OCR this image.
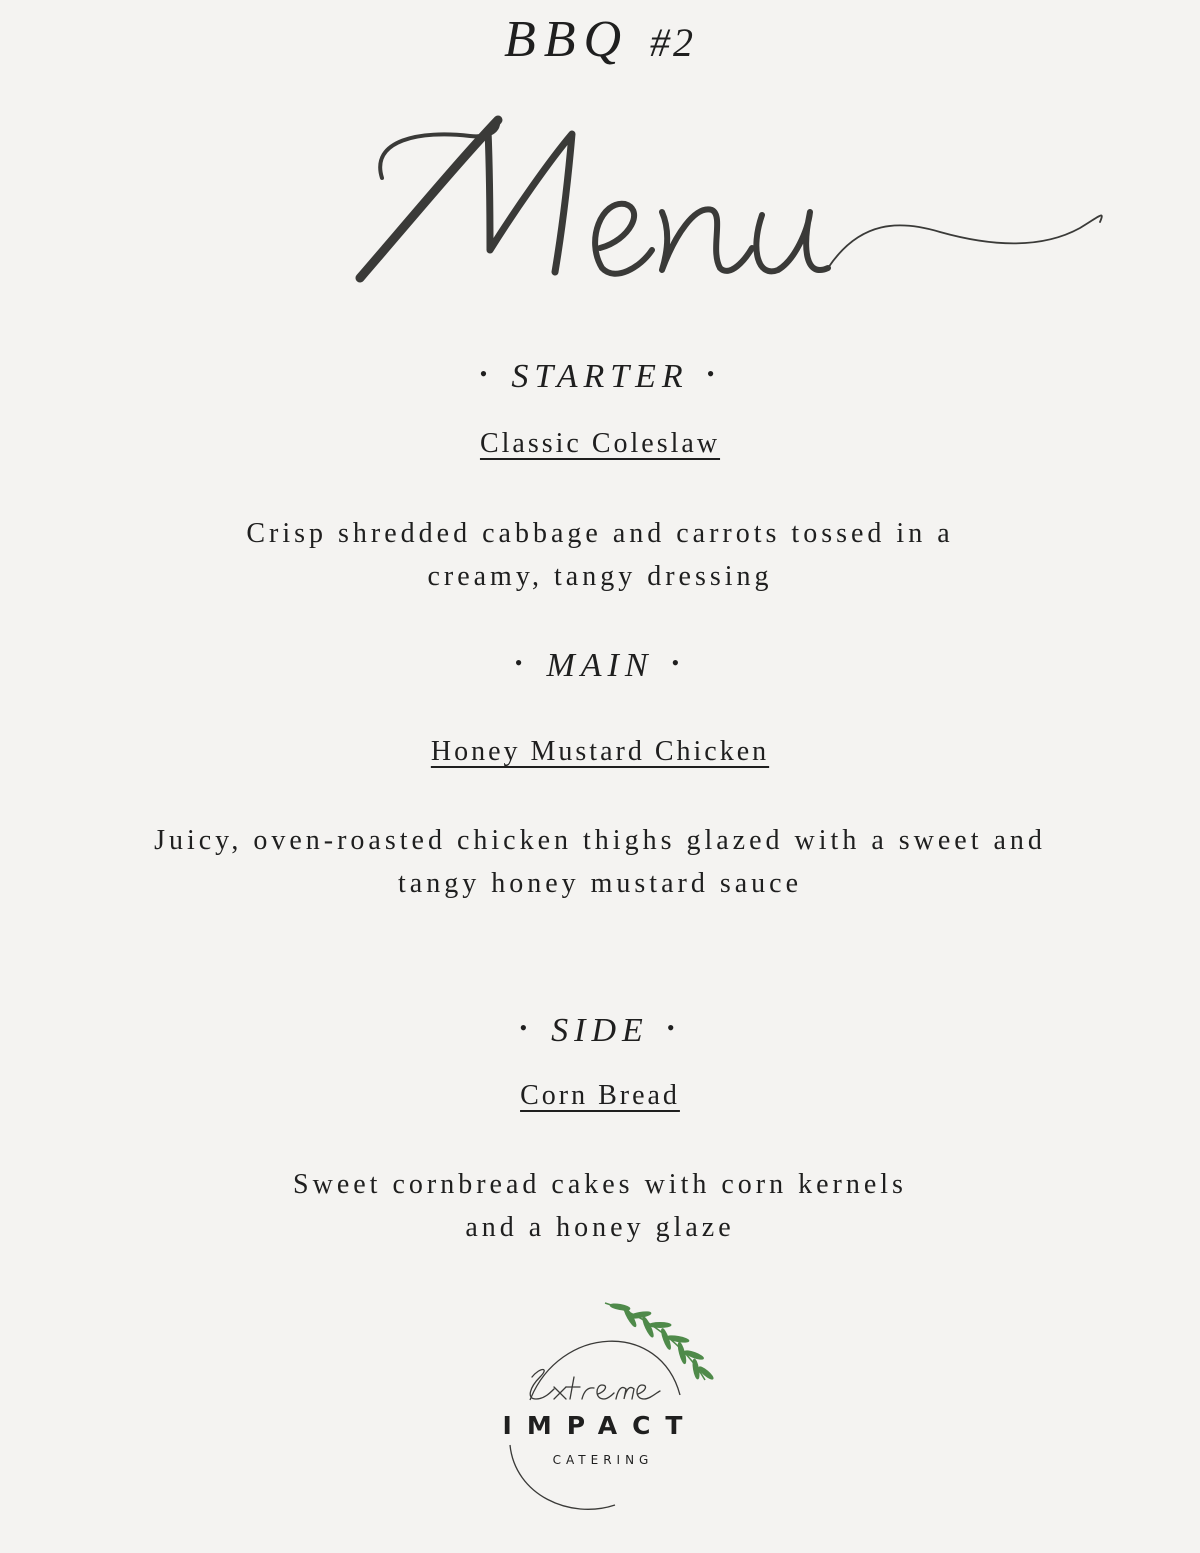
BBQ #2
• STARTER •
Classic Coleslaw
Crisp shredded cabbage and carrots tossed in a
creamy, tangy dressing
• MAIN •
Honey Mustard Chicken
Juicy, oven-roasted chicken thighs glazed with a sweet and
tangy honey mustard sauce
• SIDE •
Corn Bread
Sweet cornbread cakes with corn kernels
and a honey glaze
IMPACT
CATERING
